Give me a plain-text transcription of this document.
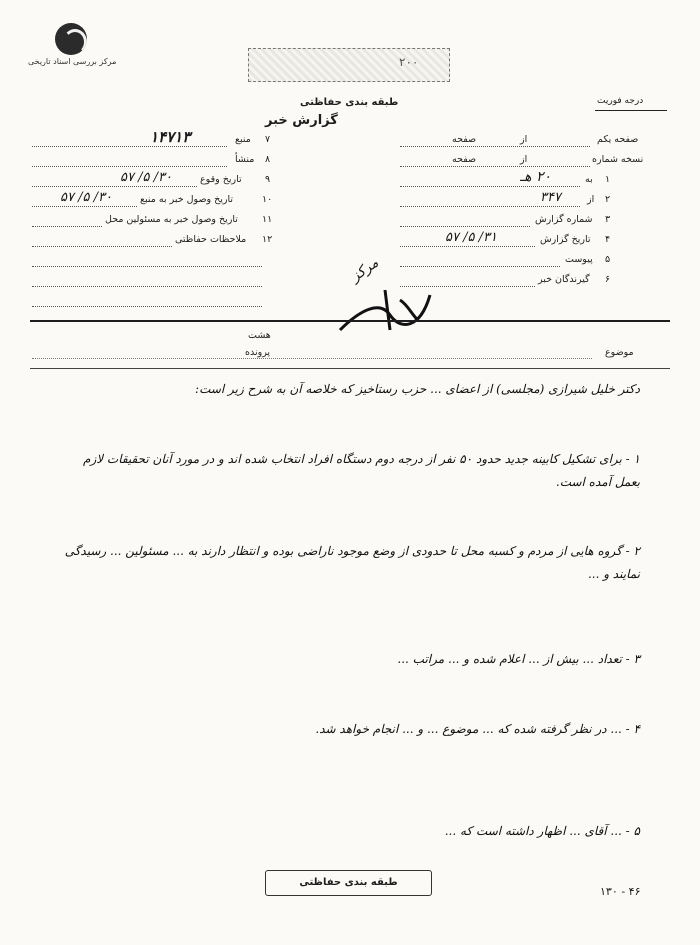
مرکز بررسی اسناد تاریخی	۲۰۰
طبقه بندی حفاظتی
گزارش خبر
درجه فوریت
صفحه یکم
از
صفحه
نسخه شماره
از
صفحه
۱
به
۲۰ هـ
۲
از
۳۴۷
۳
شماره گزارش
۴
تاریخ گزارش
۳۱/ ۵/ ۵۷
۵
پیوست
۶
گیرندگان خبر
۷
منبع
۱۴۷۱۳
۸
منشأ
۹
تاریخ وقوع
۳۰/ ۵/ ۵۷
۱۰
تاریخ وصول خبر به منبع
۳۰/ ۵/ ۵۷
۱۱
تاریخ وصول خبر به مسئولین محل
۱۲
ملاحظات حفاظتی
مرکز
هشت
پرونده	موضوع
دکتر خلیل شیرازی (مجلسی) از اعضای ... حزب رستاخیز که خلاصه آن به شرح زیر است:
۱ - برای تشکیل کابینه جدید حدود ۵۰ نفر از درجه دوم دستگاه افراد انتخاب شده اند و در مورد آنان تحقیقات لازم بعمل آمده است.
۲ - گروه هایی از مردم و کسبه محل تا حدودی از وضع موجود ناراضی بوده و انتظار دارند به ... مسئولین ... رسیدگی نمایند و ...
۳ - تعداد ... بیش از ... اعلام شده و ... مراتب ...
۴ - ... در نظر گرفته شده که ... موضوع ... و ... انجام خواهد شد.
۵ - ... آقای ... اظهار داشته است که ...
طبقه بندی حفاظتی
۱۳۰ - ۴۶
